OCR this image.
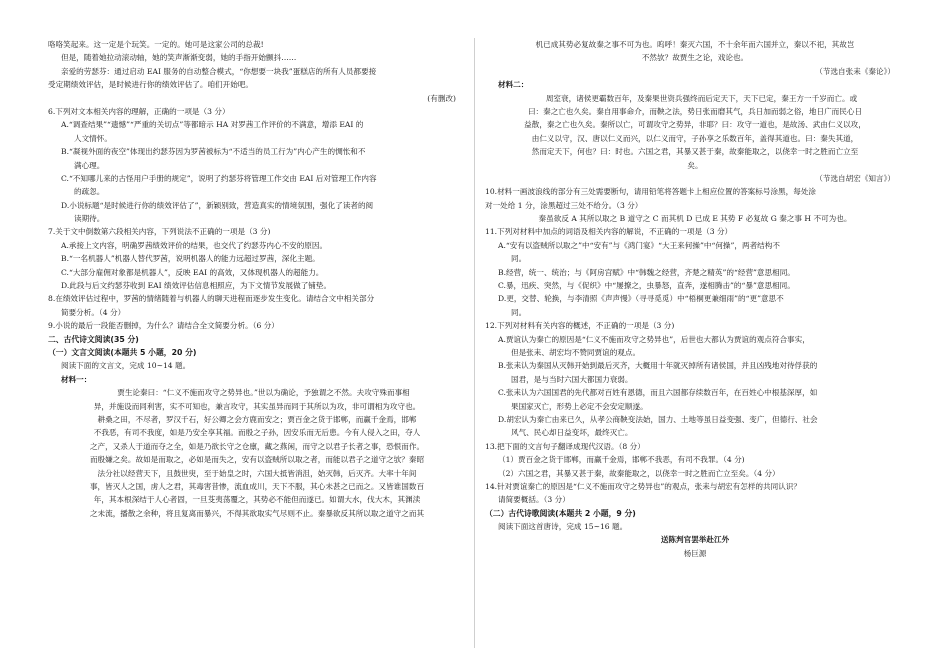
咯咯笑起来。这一定是个玩笑。一定的。她可是这家公司的总裁!
但是，随着她拉动滚动轴，她的笑声渐渐变弱，她的手指开始颤抖……
亲爱的劳瑟芬：通过启动 EAI 服务的自动整合模式，“你想要一块我”蛋糕店的所有人员都要接
受定期绩效评估，是时候进行你的绩效评估了。咱们开始吧。
(有删改)
6.下列对文本相关内容的理解，正确的一项是（3 分）
A.“调查结果”“遗憾”“严重的关切点”等都暗示 HA 对罗茜工作评价的不满意，增添 EAI 的
人文情怀。
B.“凝视外面的夜空”体现出约瑟芬因为罗茜被标为“不适当的员工行为”内心产生的惆怅和不
满心理。
C.“不知哪儿来的古怪用户手册的规定”，说明了约瑟芬将管理工作交由 EAI 后对管理工作内容
的疏忽。
D.小说标题“是时候进行你的绩效评估了”，新颖别致，营造真实的情境氛围，强化了读者的阅
读期待。
7.关于文中倒数第六段相关内容，下列说法不正确的一项是（3 分)
A.承接上文内容，明确罗茜绩效评价的结果，也交代了约瑟芬内心不安的原因。
B.“一名机器人”机器人替代罗茜，说明机器人的能力远超过罗茜，深化主题。
C.“大部分雇佣对象都是机器人”，反映 EAI 的高效，又体现机器人的超能力。
D.此段与后文约瑟芬收到 EAI 绩效评估信息相照应，为下文情节发展做了铺垫。
8.在绩效评估过程中，罗茜的情绪随着与机器人的聊天进程而逐步发生变化。请结合文中相关部分
简要分析。（4 分）
9.小说的最后一段能否删掉，为什么？请结合全文简要分析。（6 分）
二、古代诗文阅读(35 分)
（一）文言文阅读(本题共 5 小题，20 分)
阅读下面的文言文，完成 10~14 题。
材料一：
贾生论秦曰：“仁义不施而攻守之势异也。”世以为确论，予独谓之不然。夫攻守殊而事相
异，并施设而同利害，实不可知也，兼言攻守，其实虽异而同于其所以为攻，非可谓相为攻守也。
耕桑之田，不尽者，罗汉千石，好公卿之会方鹿而安之；贾百金之货于邯郸，而赢千金焉，邯郸
不我恶，有司不我度，如是乃安全享其福。而殷之子孙，因安乐而无后患。今有人侵入之田，夺人
之产，又杀人于道而夺之全，如是乃欲长守之仓廪，藏之燕闲，而守之以君子长者之事，恐恨而作。
而殷嫌之矣。故如是而取之，必如是而失之，安有以盗贼所以取之者，而能以君子之道守之欤？秦昭
法分社以经营天下，且鼓世臾，至于始皇之时，六国大抵皆消沮，始灭韩，后灭齐。大率十年间
事，皆灭人之国，虏人之君，其毒害昔惨，流血成川，天下不服，其心未甚之已而之。又皆谁国数百
年，其本根深结于人心者固，一旦芟夷荡覆之，其势必不能但而遂已。如谓大水，伐大木，其渊渎
之未流，播散之余种，将且复离而暴兴，不得其欲取实气尽则不止。秦暴欲反其所以取之道守之而其
机已成其势必复故秦之事不可为也。呜呼！秦灭六国，不十余年而六国并立，秦以不祀，其故岂
不然欤？故贾生之论，戏论也。
（节选自张耒《秦论》）
材料二：
周室衰，诸侯更霸数百年，及秦果世资兵强终而后定天下，天下已定，秦王方一千岁而亡。或
曰：秦之亡也久矣。秦自用事命介，而鞅之法，势日张而磨其气，兵日加而弱之俗，地日广而民心日
益散，秦之亡也久矣。秦所以亡，可谓攻守之势异，非耶？曰：攻守一道也，是故汤、武由仁义以攻，
由仁义以守，汉、唐以仁义而兴，以仁义而守，子孙享之乐数百年，盖得其道也。曰：秦失其道，
然而定天下，何也？曰：时也。六国之君，其暴又甚于秦，故秦能取之，以侥幸一时之胜而亡立至
矣。
（节选自胡宏《知言》）
10.材料一画波浪线的部分有三处需要断句，请用铅笔将答题卡上相应位置的答案标号涂黑，每处涂
对一处给 1 分，涂黑超过三处不给分。（3 分）
秦虽欲反 A 其所以取之 B 道守之 C 而其机 D 已成 E 其势 F 必复故 G 秦之事 H 不可为也。
11.下列对材料中加点的词语及相关内容的解说，不正确的一项是（3 分）
A.“安有以盗贼所以取之”中“安有”与《鸿门宴》“大王来何操”中“何操”，两者结构不
同。
B.经营，统一、统治；与《阿房宫赋》中“韩魏之经营，齐楚之精英”的“经营”意思相同。
C.暴，迅疾、突然，与《促织》中“屡撩之，虫暴怒，直奔，遂相腾击”的“暴”意思相同。
D.更，交替、轮换，与李清照《声声慢》（寻寻觅觅）中“梧桐更兼细雨”的“更”意思不
同。
12.下列对材料有关内容的概述，不正确的一项是（3 分)
A.贾谊认为秦亡的原因是“仁义不施而攻守之势异也”，后世也大都认为贾谊的观点符合事实，
但是张耒、胡宏均不赞同贾谊的观点。
B.张耒认为秦国从灭韩开始到最后灭齐，大概用十年就灭掉所有诸侯国，并且凶残地对待俘获的
国君，是与当时六国大都国力衰弱。
C.张耒认为六国国君的先代都对百姓有恩德，而且六国都存续数百年，在百姓心中根基深厚，如
果国家灭亡，形势上必定不会安定顺遂。
D.胡宏认为秦亡由来已久，从孝公商鞅变法始，国力、土地等虽日益变强、变广，但德行、社会
风气、民心却日益变坏，最终灭亡。
13.把下面的文言句子翻译成现代汉语。（8 分）
（1）贾百金之货于邯郸，而赢千金焉，邯郸不我恶，有司不我罪。（4 分)
（2）六国之君，其暴又甚于秦，故秦能取之，以侥幸一时之胜而亡立至矣。（4 分）
14.针对贾谊秦亡的原因是“仁义不施而攻守之势异也”的观点，张耒与胡宏有怎样的共同认识？
请简要概括。（3 分）
（二）古代诗歌阅读(本题共 2 小题，9 分)
阅读下面这首唐诗，完成 15~16 题。
送陈判官罢举赴江外
杨巨源
